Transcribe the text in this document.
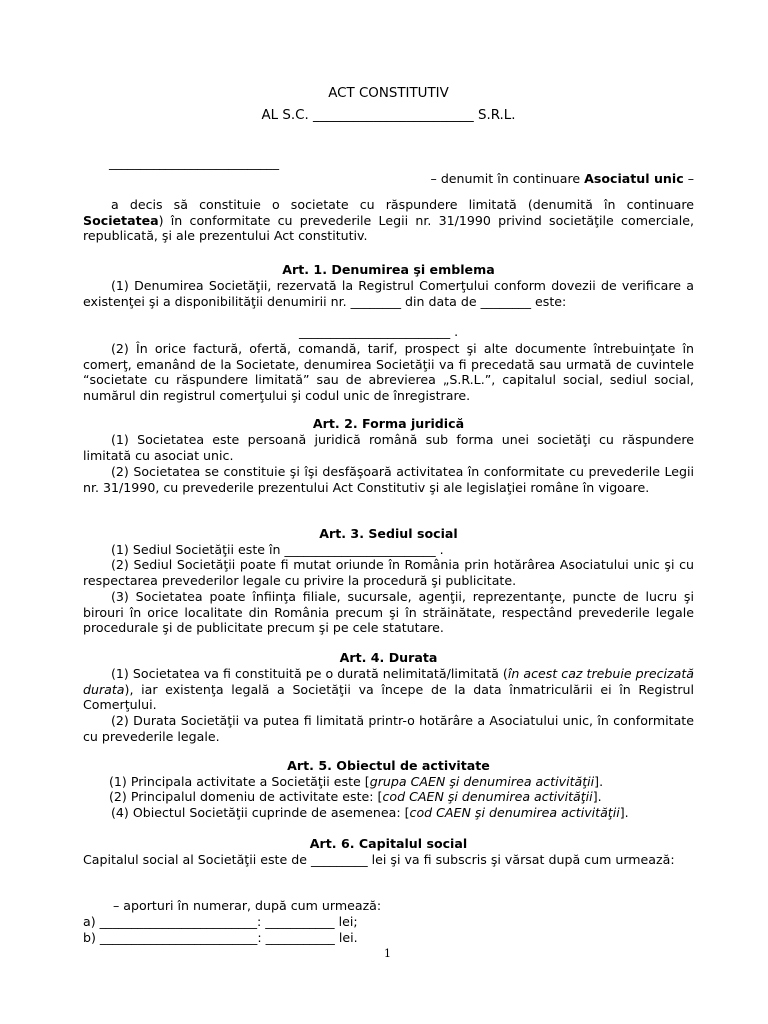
ACT CONSTITUTIV
AL S.C. ________________________ S.R.L.
___________________________
– denumit în continuare Asociatul unic –
a decis să constituie o societate cu răspundere limitată (denumită în continuare Societatea) în conformitate cu prevederile Legii nr. 31/1990 privind societăţile comerciale, republicată, şi ale prezentului Act constitutiv.
Art. 1. Denumirea şi emblema
(1) Denumirea Societăţii, rezervată la Registrul Comerţului conform dovezii de verificare a existenţei şi a disponibilităţii denumirii nr. ________ din data de ________ este:
________________________ .
(2) În orice factură, ofertă, comandă, tarif, prospect şi alte documente întrebuinţate în comerţ, emanând de la Societate, denumirea Societăţii va fi precedată sau urmată de cuvintele “societate cu răspundere limitată” sau de abrevierea „S.R.L.”, capitalul social, sediul social, numărul din registrul comerţului şi codul unic de înregistrare.
Art. 2. Forma juridică
(1) Societatea este persoană juridică română sub forma unei societăţi cu răspundere limitată cu asociat unic.
(2) Societatea se constituie şi îşi desfăşoară activitatea în conformitate cu prevederile Legii nr. 31/1990, cu prevederile prezentului Act Constitutiv şi ale legislaţiei române în vigoare.
Art. 3. Sediul social
(1) Sediul Societăţii este în ________________________ .
(2) Sediul Societăţii poate fi mutat oriunde în România prin hotărârea Asociatului unic şi cu respectarea prevederilor legale cu privire la procedură şi publicitate.
(3) Societatea poate înfiinţa filiale, sucursale, agenţii, reprezentanţe, puncte de lucru şi birouri în orice localitate din România precum şi în străinătate, respectând prevederile legale procedurale şi de publicitate precum şi pe cele statutare.
Art. 4. Durata
(1) Societatea va fi constituită pe o durată nelimitată/limitată (în acest caz trebuie precizată durata), iar existenţa legală a Societăţii va începe de la data înmatriculării ei în Registrul Comerţului.
(2) Durata Societăţii va putea fi limitată printr-o hotărâre a Asociatului unic, în conformitate cu prevederile legale.
Art. 5. Obiectul de activitate
(1) Principala activitate a Societăţii este [grupa CAEN şi denumirea activităţii].
(2) Principalul domeniu de activitate este: [cod CAEN şi denumirea activităţii].
(4) Obiectul Societăţii cuprinde de asemenea: [cod CAEN şi denumirea activităţii].
Art. 6. Capitalul social
Capitalul social al Societăţii este de _________ lei şi va fi subscris şi vărsat după cum urmează:
– aporturi în numerar, după cum urmează:
a) _________________________: ___________ lei;
b) _________________________: ___________ lei.
1
